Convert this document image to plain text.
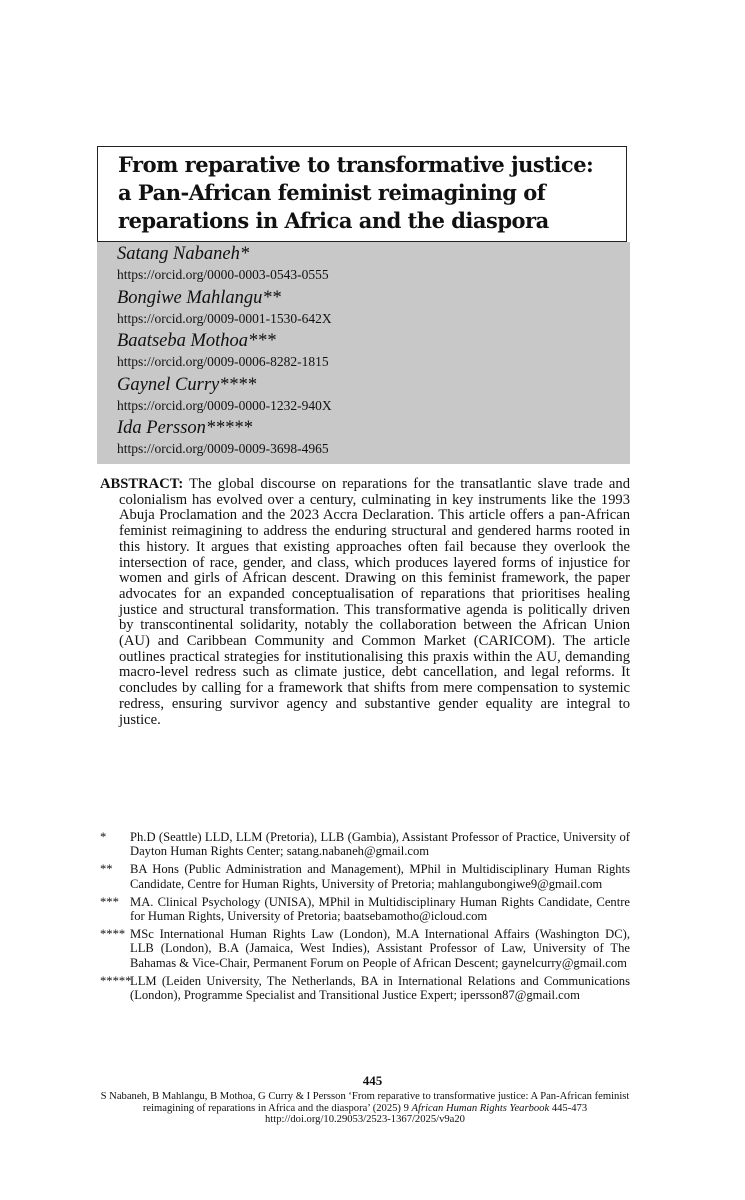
From reparative to transformative justice:
a Pan-African feminist reimagining of
reparations in Africa and the diaspora
Satang Nabaneh*
https://orcid.org/0000-0003-0543-0555
Bongiwe Mahlangu**
https://orcid.org/0009-0001-1530-642X
Baatseba Mothoa***
https://orcid.org/0009-0006-8282-1815
Gaynel Curry****
https://orcid.org/0009-0000-1232-940X
Ida Persson*****
https://orcid.org/0009-0009-3698-4965

ABSTRACT: The global discourse on reparations for the transatlantic slave trade and colonialism has evolved over a century, culminating in key instruments like the 1993 Abuja Proclamation and the 2023 Accra Declaration. This article offers a pan-African feminist reimagining to address the enduring structural and gendered harms rooted in this history. It argues that existing approaches often fail because they overlook the intersection of race, gender, and class, which produces layered forms of injustice for women and girls of African descent. Drawing on this feminist framework, the paper advocates for an expanded conceptualisation of reparations that prioritises healing justice and structural transformation. This transformative agenda is politically driven by transcontinental solidarity, notably the collaboration between the African Union (AU) and Caribbean Community and Common Market (CARICOM). The article outlines practical strategies for institutionalising this praxis within the AU, demanding macro-level redress such as climate justice, debt cancellation, and legal reforms. It concludes by calling for a framework that shifts from mere compensation to systemic redress, ensuring survivor agency and substantive gender equality are integral to justice.

*	Ph.D (Seattle) LLD, LLM (Pretoria), LLB (Gambia), Assistant Professor of Practice, University of Dayton Human Rights Center; satang.nabaneh@gmail.com
**	BA Hons (Public Administration and Management), MPhil in Multidisciplinary Human Rights Candidate, Centre for Human Rights, University of Pretoria; mahlangubongiwe9@gmail.com
*** MA. Clinical Psychology (UNISA), MPhil in Multidisciplinary Human Rights Candidate, Centre for Human Rights, University of Pretoria; baatsebamotho@icloud.com
**** MSc International Human Rights Law (London), M.A International Affairs (Washington DC), LLB (London), B.A (Jamaica, West Indies), Assistant Professor of Law, University of The Bahamas & Vice-Chair, Permanent Forum on People of African Descent; gaynelcurry@gmail.com
*****
LLM (Leiden University, The Netherlands, BA in International Relations and Communications (London), Programme Specialist and Transitional Justice Expert; ipersson87@gmail.com
445
S Nabaneh, B Mahlangu, B Mothoa, G Curry & I Persson ‘From reparative to transformative justice: A Pan-African feminist reimagining of reparations in Africa and the diaspora’ (2025) 9 African Human Rights Yearbook 445-473
http://doi.org/10.29053/2523-1367/2025/v9a20
